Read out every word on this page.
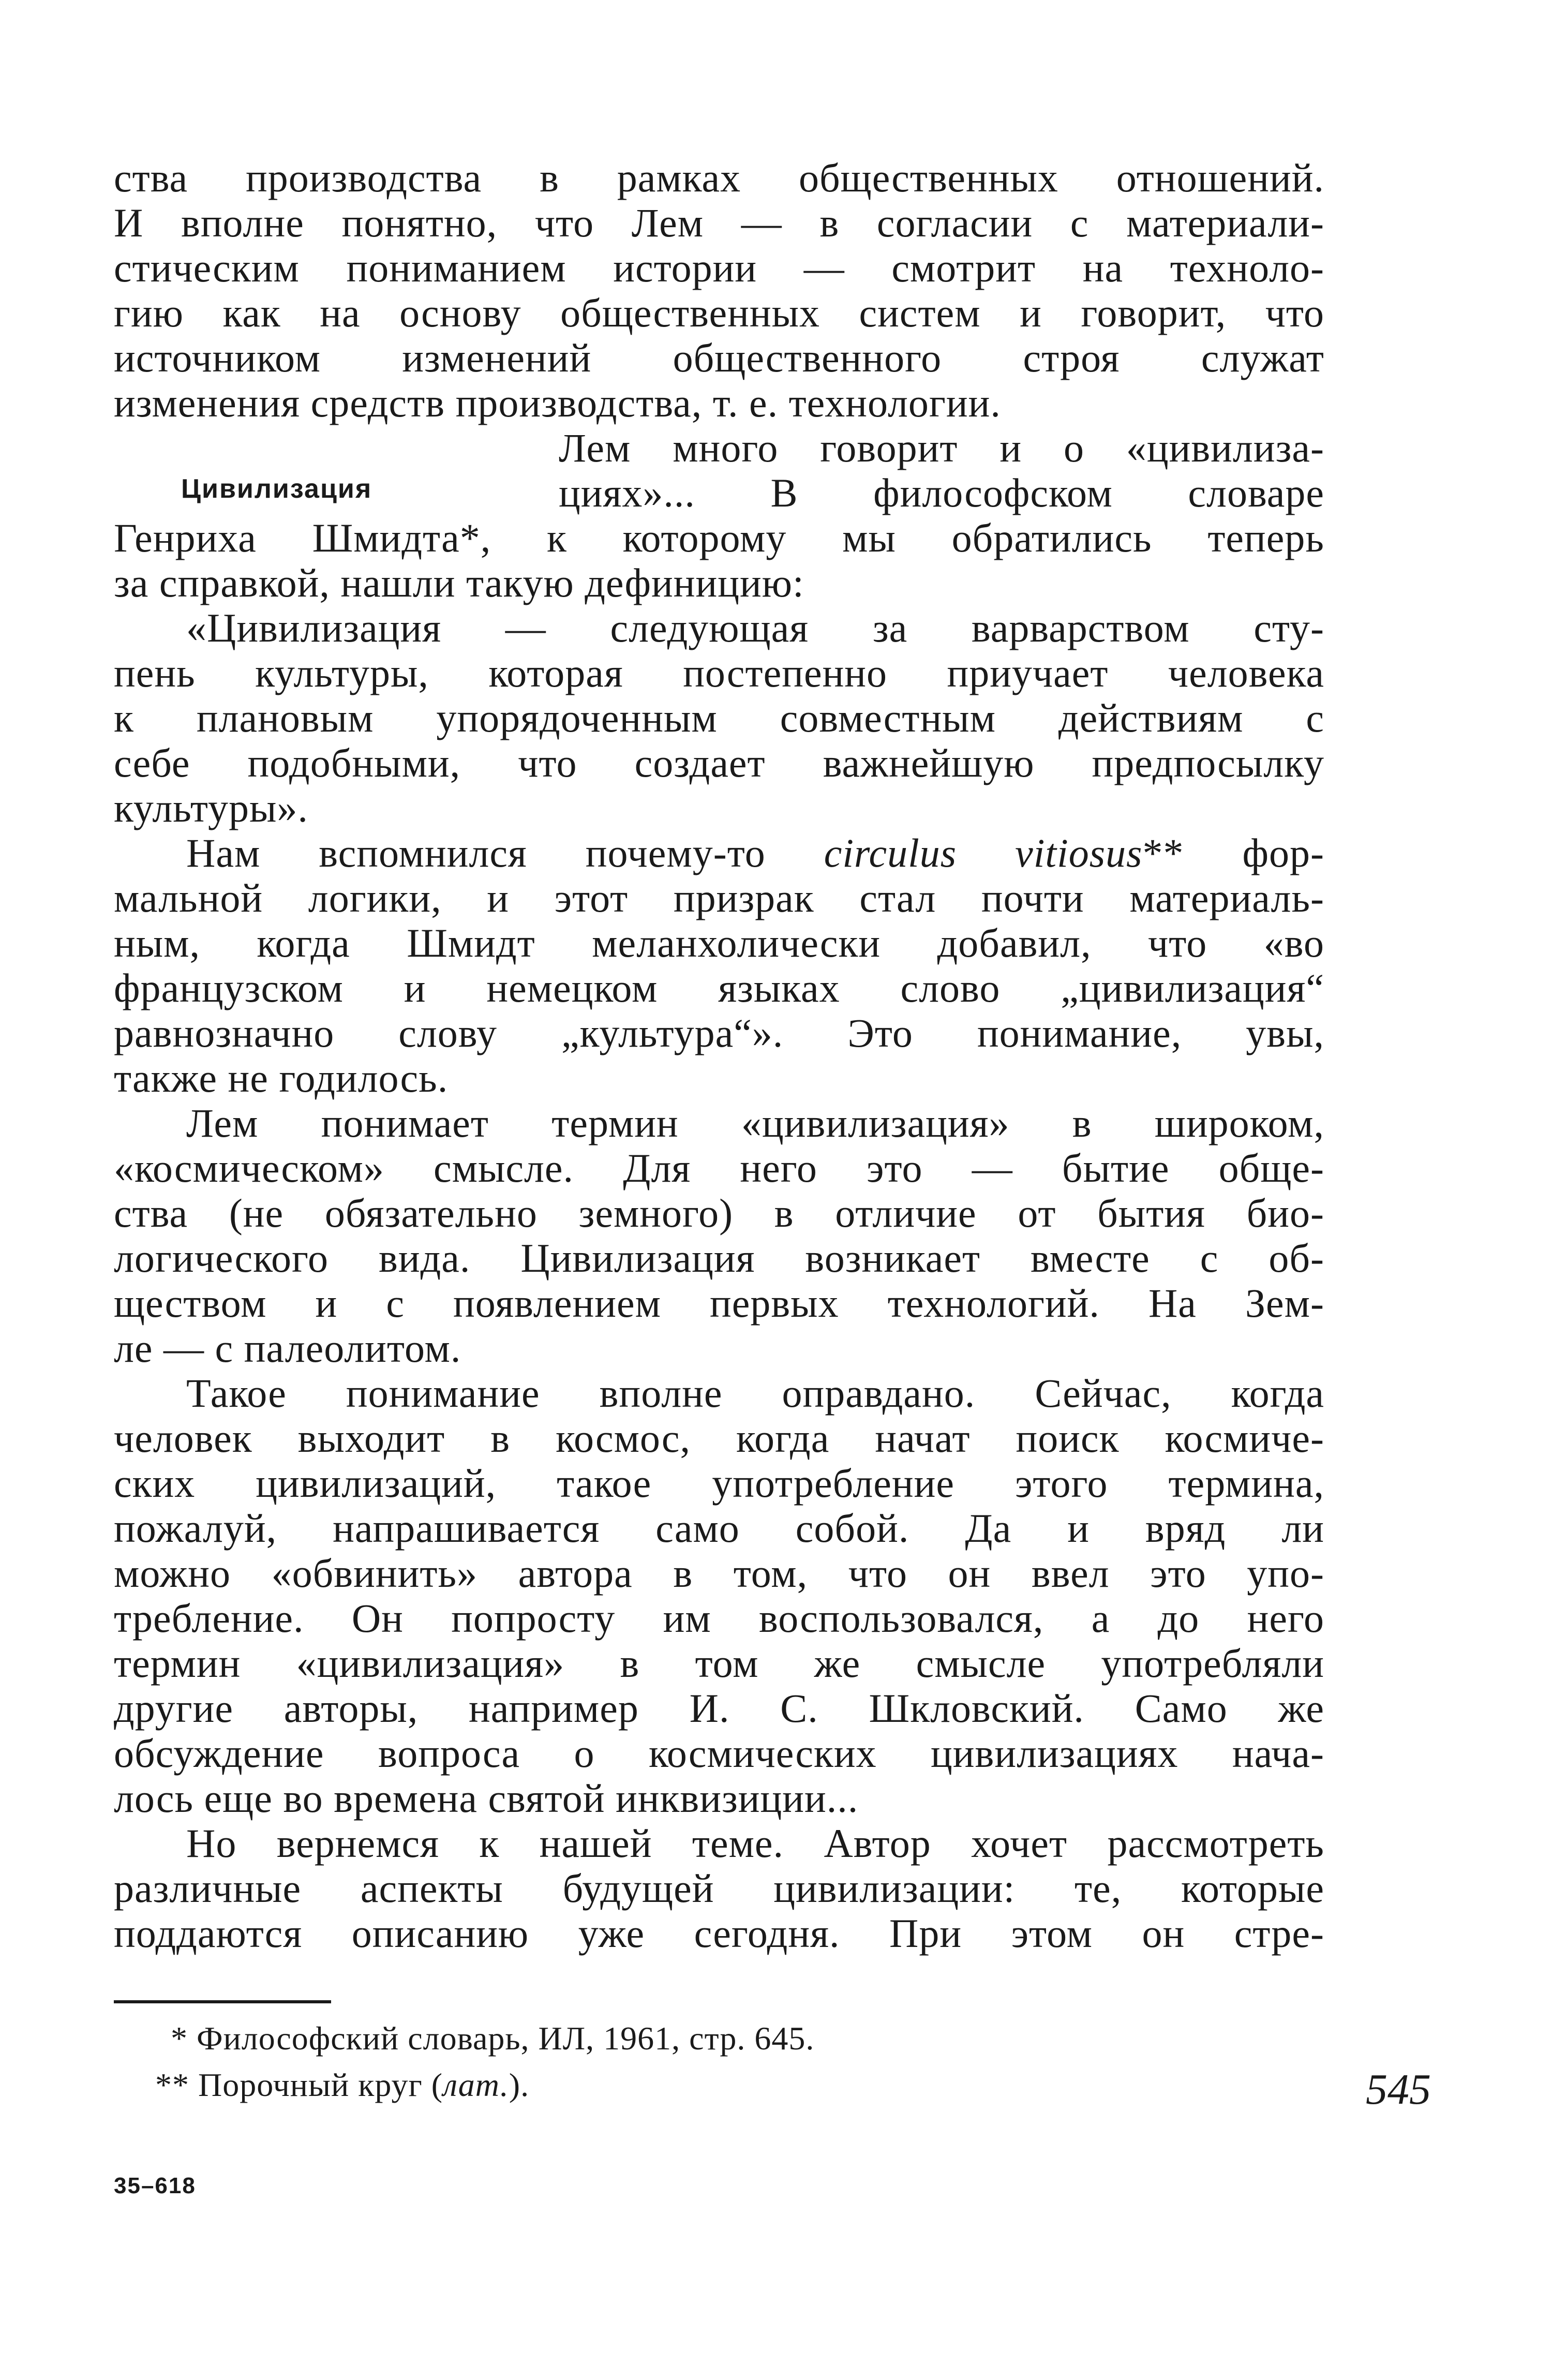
Цивилизация
ства производства в рамках общественных отношений.
И вполне понятно, что Лем — в согласии с материали-
стическим пониманием истории — смотрит на техноло-
гию как на основу общественных систем и говорит, что
источником изменений общественного строя служат
изменения средств производства, т. е. технологии.
Лем много говорит и о «цивилиза-
циях»... В философском словаре
Генриха Шмидта*, к которому мы обратились теперь
за справкой, нашли такую дефиницию:
«Цивилизация — следующая за варварством сту-
пень культуры, которая постепенно приучает человека
к плановым упорядоченным совместным действиям с
себе подобными, что создает важнейшую предпосылку
культуры».
Нам вспомнился почему-то circulus vitiosus** фор-
мальной логики, и этот призрак стал почти материаль-
ным, когда Шмидт меланхолически добавил, что «во
французском и немецком языках слово „цивилизация“
равнозначно слову „культура“». Это понимание, увы,
также не годилось.
Лем понимает термин «цивилизация» в широком,
«космическом» смысле. Для него это — бытие обще-
ства (не обязательно земного) в отличие от бытия био-
логического вида. Цивилизация возникает вместе с об-
ществом и с появлением первых технологий. На Зем-
ле — с палеолитом.
Такое понимание вполне оправдано. Сейчас, когда
человек выходит в космос, когда начат поиск космиче-
ских цивилизаций, такое употребление этого термина,
пожалуй, напрашивается само собой. Да и вряд ли
можно «обвинить» автора в том, что он ввел это упо-
требление. Он попросту им воспользовался, а до него
термин «цивилизация» в том же смысле употребляли
другие авторы, например И. С. Шкловский. Само же
обсуждение вопроса о космических цивилизациях нача-
лось еще во времена святой инквизиции...
Но вернемся к нашей теме. Автор хочет рассмотреть
различные аспекты будущей цивилизации: те, которые
поддаются описанию уже сегодня. При этом он стре-
* Философский словарь, ИЛ, 1961, стр. 645.
** Порочный круг (лат.).	545
35–618
